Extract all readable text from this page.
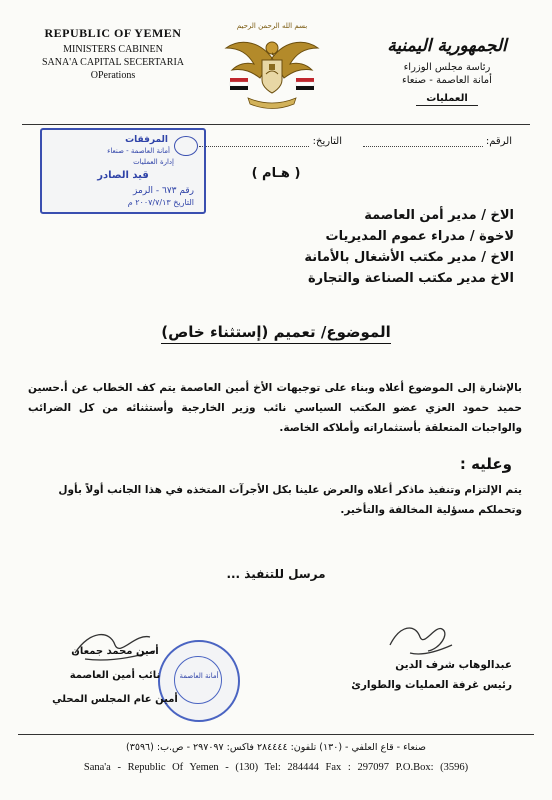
REPUBLIC OF YEMEN
MINISTERS CABINEN
SANA'A CAPITAL SECERTARIA
OPerations
بسم الله الرحمن الرحيم
الجمهورية اليمنية
رئاسة مجلس الوزراء
أمانة العاصمة - صنعاء
العمليات
الرقم:
التاريخ:
المرفقات
أمانة العاصمة - صنعاء
إدارة العمليات
قيد الصادر
رقم ٦٧٣ - الرمز
التاريخ ٢٠٠٧/٧/١٣ م
( هـام )
الاخ / مدير أمن العاصمة
لاخوة / مدراء عموم المديريات
الاخ / مدير مكتب الأشغال بالأمانة
الاخ مدير مكتب الصناعة والتجارة
الموضوع/ تعميم (إستثناء خاص)
بالإشارة إلى الموضوع أعلاه وبناء على توجيهات الأخ أمين العاصمة يتم كف الخطاب عن أ.حسين حميد حمود العزي عضو المكتب السياسي نائب وزير الخارجية وأستثنائه من كل الضرائب والواجبات المتعلقة بأستثماراته وأملاكه الخاصة.
وعليه :
يتم الإلتزام وتنفيذ ماذكر أعلاه والعرض علينا بكل الأجرآت المتخذه في هذا الجانب أولاً بأول وتحملكم مسؤلية المخالفة والتأخير.
مرسل للتنفيذ ...
عبدالوهاب شرف الدين
رئيس غرفة العمليات والطوارئ
أمانة العاصمة
أمين محمد جمعان
نائب أمين العاصمة
أمين عام المجلس المحلي
صنعاء - قاع العلفي - (١٣٠) تلفون: ٢٨٤٤٤٤ فاكس: ٢٩٧٠٩٧ - ص.ب: (٣٥٩٦)
Sana'a - Republic Of Yemen - (130) Tel: 284444 Fax : 297097 P.O.Box: (3596)
